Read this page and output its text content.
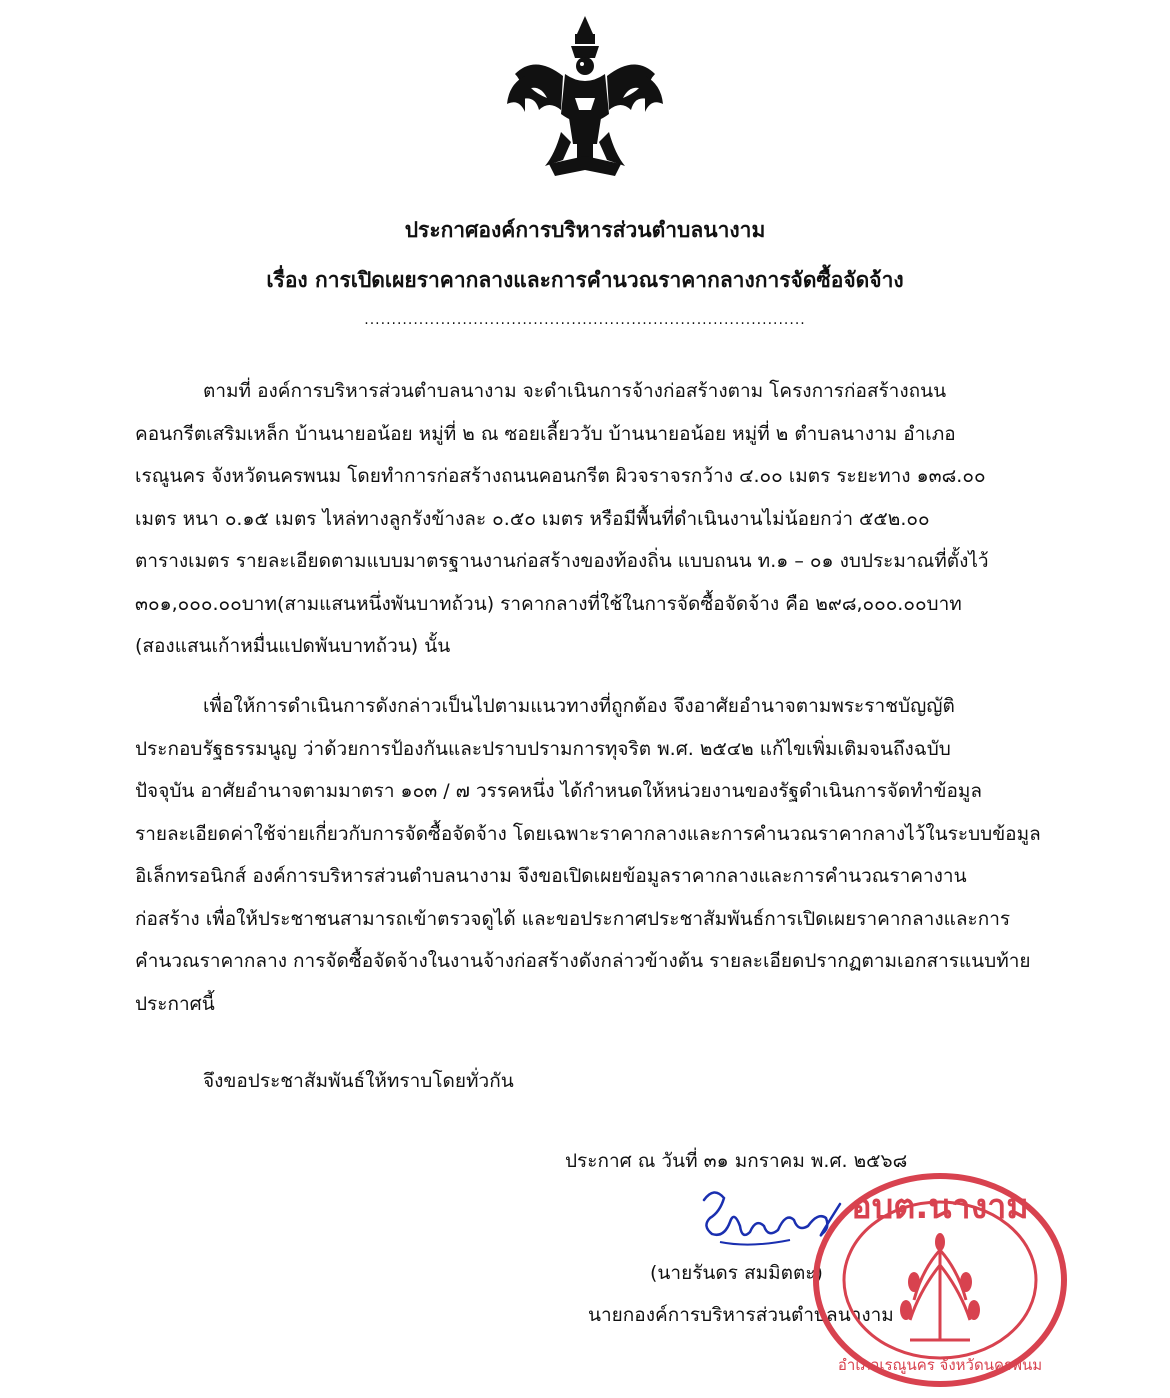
ประกาศองค์การบริหารส่วนตำบลนางาม
เรื่อง การเปิดเผยราคากลางและการคำนวณราคากลางการจัดซื้อจัดจ้าง
.................................................................................
ตามที่ องค์การบริหารส่วนตำบลนางาม จะดำเนินการจ้างก่อสร้างตาม โครงการก่อสร้างถนน
คอนกรีตเสริมเหล็ก บ้านนายอน้อย หมู่ที่ ๒ ณ ซอยเลี้ยววับ บ้านนายอน้อย หมู่ที่ ๒ ตำบลนางาม อำเภอ
เรณูนคร จังหวัดนครพนม โดยทำการก่อสร้างถนนคอนกรีต ผิวจราจรกว้าง ๔.๐๐ เมตร ระยะทาง ๑๓๘.๐๐
เมตร หนา ๐.๑๕ เมตร ไหล่ทางลูกรังข้างละ ๐.๕๐ เมตร หรือมีพื้นที่ดำเนินงานไม่น้อยกว่า ๕๕๒.๐๐
ตารางเมตร รายละเอียดตามแบบมาตรฐานงานก่อสร้างของท้องถิ่น แบบถนน ท.๑ – ๐๑ งบประมาณที่ตั้งไว้
๓๐๑,๐๐๐.๐๐บาท(สามแสนหนึ่งพันบาทถ้วน) ราคากลางที่ใช้ในการจัดซื้อจัดจ้าง คือ ๒๙๘,๐๐๐.๐๐บาท
(สองแสนเก้าหมื่นแปดพันบาทถ้วน) นั้น
เพื่อให้การดำเนินการดังกล่าวเป็นไปตามแนวทางที่ถูกต้อง จึงอาศัยอำนาจตามพระราชบัญญัติ
ประกอบรัฐธรรมนูญ ว่าด้วยการป้องกันและปราบปรามการทุจริต พ.ศ. ๒๕๔๒ แก้ไขเพิ่มเติมจนถึงฉบับ
ปัจจุบัน อาศัยอำนาจตามมาตรา ๑๐๓ / ๗ วรรคหนึ่ง ได้กำหนดให้หน่วยงานของรัฐดำเนินการจัดทำข้อมูล
รายละเอียดค่าใช้จ่ายเกี่ยวกับการจัดซื้อจัดจ้าง โดยเฉพาะราคากลางและการคำนวณราคากลางไว้ในระบบข้อมูล
อิเล็กทรอนิกส์ องค์การบริหารส่วนตำบลนางาม จึงขอเปิดเผยข้อมูลราคากลางและการคำนวณราคางาน
ก่อสร้าง เพื่อให้ประชาชนสามารถเข้าตรวจดูได้ และขอประกาศประชาสัมพันธ์การเปิดเผยราคากลางและการ
คำนวณราคากลาง การจัดซื้อจัดจ้างในงานจ้างก่อสร้างดังกล่าวข้างต้น รายละเอียดปรากฏตามเอกสารแนบท้าย
ประกาศนี้
จึงขอประชาสัมพันธ์ให้ทราบโดยทั่วกัน
ประกาศ ณ วันที่ ๓๑ มกราคม พ.ศ. ๒๕๖๘
(นายรันดร สมมิตตะ)
นายกองค์การบริหารส่วนตำบลนางาม
อบต.นางาม
อำเภอเรณูนคร จังหวัดนครพนม
